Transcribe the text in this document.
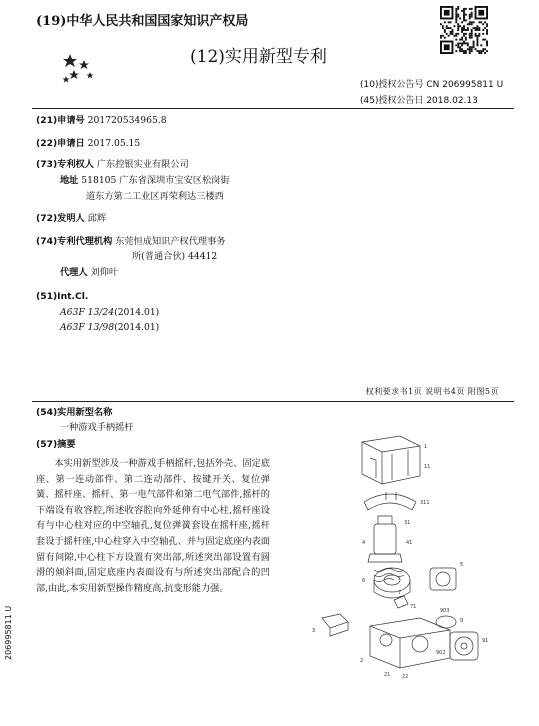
(19)中华人民共和国国家知识产权局
(12)实用新型专利
(10)授权公告号 CN 206995811 U
(45)授权公告日 2018.02.13
(21)申请号 201720534965.8
(22)申请日 2017.05.15
(73)专利权人 广东控银实业有限公司
地址 518105 广东省深圳市宝安区松岗街
道东方第二工业区再荣利达三楼西
(72)发明人 邱辉
(74)专利代理机构 东莞恒成知识产权代理事务
所(普通合伙) 44412
代理人 刘仰叶
(51)Int.Cl.
A63F 13/24(2014.01)
A63F 13/98(2014.01)
权利要求书1页 说明书4页 附图5页
(54)实用新型名称
一种游戏手柄摇杆
(57)摘要
本实用新型涉及一种游戏手柄摇杆,包括外壳、固定底座、第一连动部件、第二连动部件、按键开关、复位弹簧、摇杆座、摇杆、第一电气部件和第二电气部件,摇杆的下端设有收容腔,所述收容腔向外延伸有中心柱,摇杆座设有与中心柱对应的中空轴孔,复位弹簧套设在摇杆座,摇杆套设于摇杆座,中心柱穿入中空轴孔、并与固定底座内表面留有间隙,中心柱下方设置有突出部,所述突出部设置有圆滑的倾斜面,固定底座内表面设有与所述突出部配合的凹部,由此,本实用新型操作精度高,抗变形能力强。
1
11
311
31
41
4
6
7
71
3
5
9
91
902
903
21 22
2
206995811 U
